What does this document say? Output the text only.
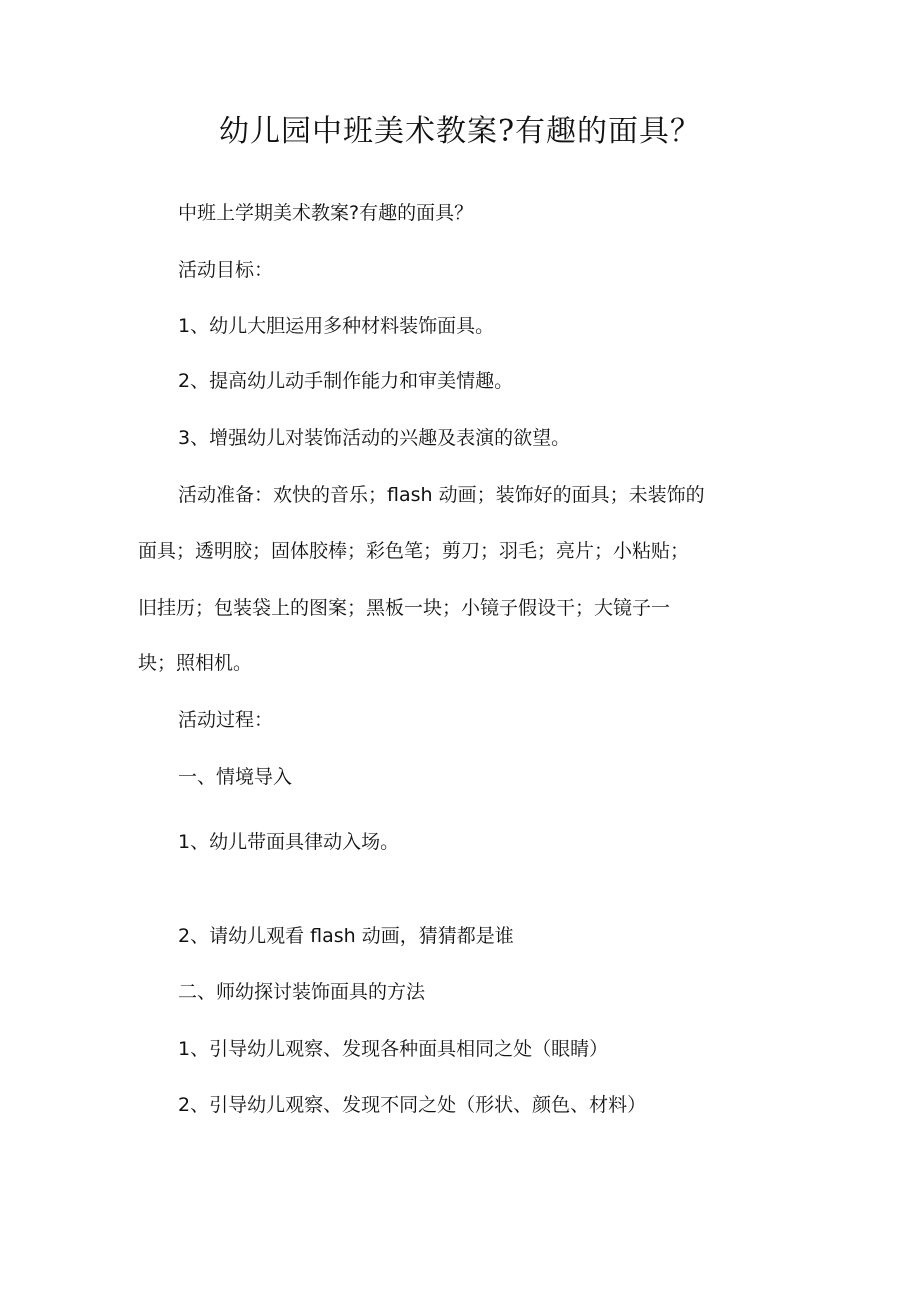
幼儿园中班美术教案?有趣的面具？

中班上学期美术教案?有趣的面具？

活动目标：

1、幼儿大胆运用多种材料装饰面具。

2、提高幼儿动手制作能力和审美情趣。

3、增强幼儿对装饰活动的兴趣及表演的欲望。

活动准备：欢快的音乐；flash 动画；装饰好的面具；未装饰的

面具；透明胶；固体胶棒；彩色笔；剪刀；羽毛；亮片；小粘贴；

旧挂历；包装袋上的图案；黑板一块；小镜子假设干；大镜子一

块；照相机。

活动过程：

一、情境导入

1、幼儿带面具律动入场。

2、请幼儿观看 flash 动画，猜猜都是谁

二、师幼探讨装饰面具的方法

1、引导幼儿观察、发现各种面具相同之处（眼睛）

2、引导幼儿观察、发现不同之处（形状、颜色、材料）
